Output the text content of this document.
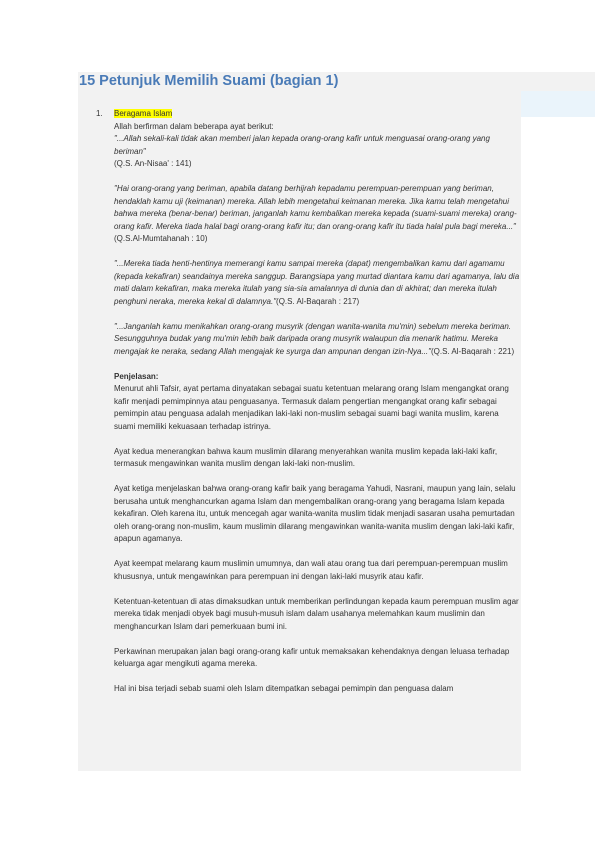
15 Petunjuk Memilih Suami (bagian 1)
1. Beragama Islam

Allah berfirman dalam beberapa ayat berikut:

"...Allah sekali-kali tidak akan memberi jalan kepada orang-orang kafir untuk menguasai orang-orang yang beriman"
(Q.S. An-Nisaa' : 141)

"Hai orang-orang yang beriman, apabila datang berhijrah kepadamu perempuan-perempuan yang beriman, hendaklah kamu uji (keimanan) mereka. Allah lebih mengetahui keimanan mereka. Jika kamu telah mengetahui bahwa mereka (benar-benar) beriman, janganlah kamu kembalikan mereka kepada (suami-suami mereka) orang-orang kafir. Mereka tiada halal bagi orang-orang kafir itu; dan orang-orang kafir itu tiada halal pula bagi mereka..." (Q.S.Al-Mumtahanah : 10)

"...Mereka tiada henti-hentinya memerangi kamu sampai mereka (dapat) mengembalikan kamu dari agamamu (kepada kekafiran) seandainya mereka sanggup. Barangsiapa yang murtad diantara kamu dari agamanya, lalu dia mati dalam kekafiran, maka mereka itulah yang sia-sia amalannya di dunia dan di akhirat; dan mereka itulah penghuni neraka, mereka kekal di dalamnya."(Q.S. Al-Baqarah : 217)

"...Janganlah kamu menikahkan orang-orang musyrik (dengan wanita-wanita mu'min) sebelum mereka beriman. Sesungguhnya budak yang mu'min lebih baik daripada orang musyrik walaupun dia menarik hatimu. Mereka mengajak ke neraka, sedang Allah mengajak ke syurga dan ampunan dengan izin-Nya..."(Q.S. Al-Baqarah : 221)

Penjelasan:

Menurut ahli Tafsir, ayat pertama dinyatakan sebagai suatu ketentuan melarang orang Islam mengangkat orang kafir menjadi pemimpinnya atau penguasanya. Termasuk dalam pengertian mengangkat orang kafir sebagai pemimpin atau penguasa adalah menjadikan laki-laki non-muslim sebagai suami bagi wanita muslim, karena suami memiliki kekuasaan terhadap istrinya.

Ayat kedua menerangkan bahwa kaum muslimin dilarang menyerahkan wanita muslim kepada laki-laki kafir, termasuk mengawinkan wanita muslim dengan laki-laki non-muslim.

Ayat ketiga menjelaskan bahwa orang-orang kafir baik yang beragama Yahudi, Nasrani, maupun yang lain, selalu berusaha untuk menghancurkan agama Islam dan mengembalikan orang-orang yang beragama Islam kepada kekafiran. Oleh karena itu, untuk mencegah agar wanita-wanita muslim tidak menjadi sasaran usaha pemurtadan oleh orang-orang non-muslim, kaum muslimin dilarang mengawinkan wanita-wanita muslim dengan laki-laki kafir, apapun agamanya.

Ayat keempat melarang kaum muslimin umumnya, dan wali atau orang tua dari perempuan-perempuan muslim khususnya, untuk mengawinkan para perempuan ini dengan laki-laki musyrik atau kafir.

Ketentuan-ketentuan di atas dimaksudkan untuk memberikan perlindungan kepada kaum perempuan muslim agar mereka tidak menjadi obyek bagi musuh-musuh islam dalam usahanya melemahkan kaum muslimin dan menghancurkan Islam dari pemerkuaan bumi ini.

Perkawinan merupakan jalan bagi orang-orang kafir untuk memaksakan kehendaknya dengan leluasa terhadap keluarga agar mengikuti agama mereka.

Hal ini bisa terjadi sebab suami oleh Islam ditempatkan sebagai pemimpin dan penguasa dalam
